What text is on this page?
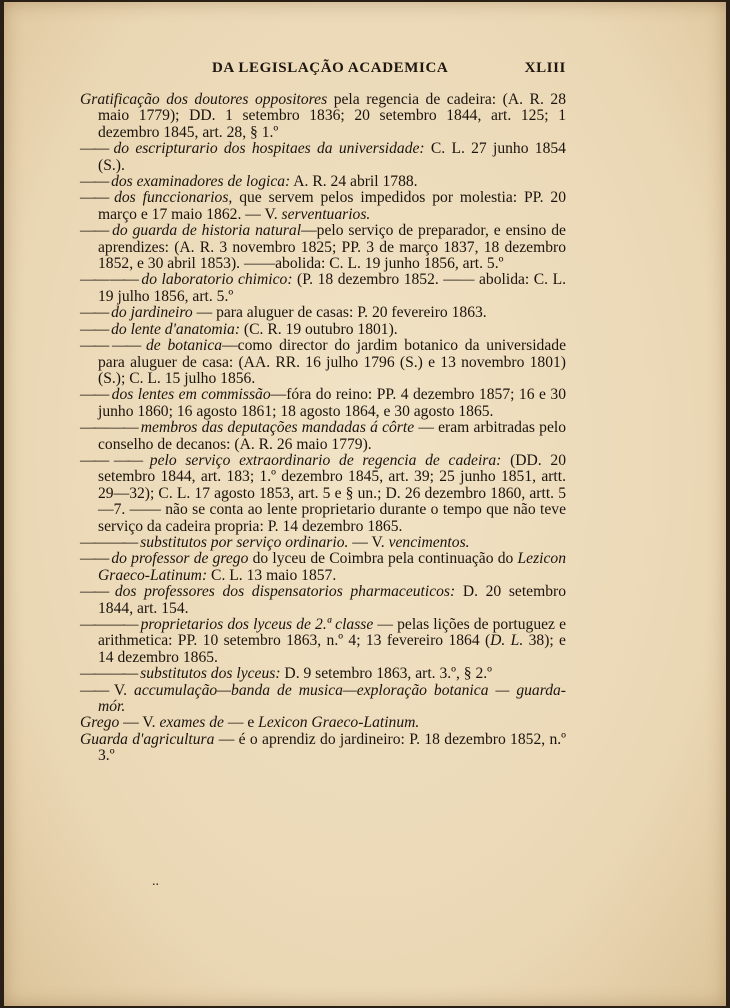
DA LEGISLAÇÃO ACADEMICA	XLIII

Gratificação dos doutores oppositores pela regencia de cadeira: (A. R. 28 maio 1779); DD. 1 setembro 1836; 20 setembro 1844, art. 125; 1 dezembro 1845, art. 28, § 1.º

—— do escripturario dos hospitaes da universidade: C. L. 27 junho 1854 (S.).

—— dos examinadores de logica: A. R. 24 abril 1788.

—— dos funccionarios, que servem pelos impedidos por molestia: PP. 20 março e 17 maio 1862. — V. serventuarios.

—— do guarda de historia natural—pelo serviço de preparador, e ensino de aprendizes: (A. R. 3 novembro 1825; PP. 3 de março 1837, 18 dezembro 1852, e 30 abril 1853). ——abolida: C. L. 19 junho 1856, art. 5.º

—— —— do laboratorio chimico: (P. 18 dezembro 1852. —— abolida: C. L. 19 julho 1856, art. 5.º

—— do jardineiro — para aluguer de casas: P. 20 fevereiro 1863.

—— do lente d'anatomia: (C. R. 19 outubro 1801).

—— —— de botanica—como director do jardim botanico da universidade para aluguer de casa: (AA. RR. 16 julho 1796 (S.) e 13 novembro 1801) (S.); C. L. 15 julho 1856.

—— dos lentes em commissão—fóra do reino: PP. 4 dezembro 1857; 16 e 30 junho 1860; 16 agosto 1861; 18 agosto 1864, e 30 agosto 1865.

—— —— membros das deputações mandadas á côrte — eram arbitradas pelo conselho de decanos: (A. R. 26 maio 1779).

—— —— pelo serviço extraordinario de regencia de cadeira: (DD. 20 setembro 1844, art. 183; 1.º dezembro 1845, art. 39; 25 junho 1851, artt. 29—32); C. L. 17 agosto 1853, art. 5 e § un.; D. 26 dezembro 1860, artt. 5—7. —— não se conta ao lente proprietario durante o tempo que não teve serviço da cadeira propria: P. 14 dezembro 1865.

—— —— substitutos por serviço ordinario. — V. vencimentos.

—— do professor de grego do lyceu de Coimbra pela continuação do Lezicon Graeco-Latinum: C. L. 13 maio 1857.

—— dos professores dos dispensatorios pharmaceuticos: D. 20 setembro 1844, art. 154.

—— —— proprietarios dos lyceus de 2.ª classe — pelas lições de portuguez e arithmetica: PP. 10 setembro 1863, n.º 4; 13 fevereiro 1864 (D. L. 38); e 14 dezembro 1865.

—— —— substitutos dos lyceus: D. 9 setembro 1863, art. 3.º, § 2.º

—— V. accumulação—banda de musica—exploração botanica — guarda-mór.

Grego — V. exames de — e Lexicon Graeco-Latinum.

Guarda d'agricultura — é o aprendiz do jardineiro: P. 18 dezembro 1852, n.º 3.º

..
